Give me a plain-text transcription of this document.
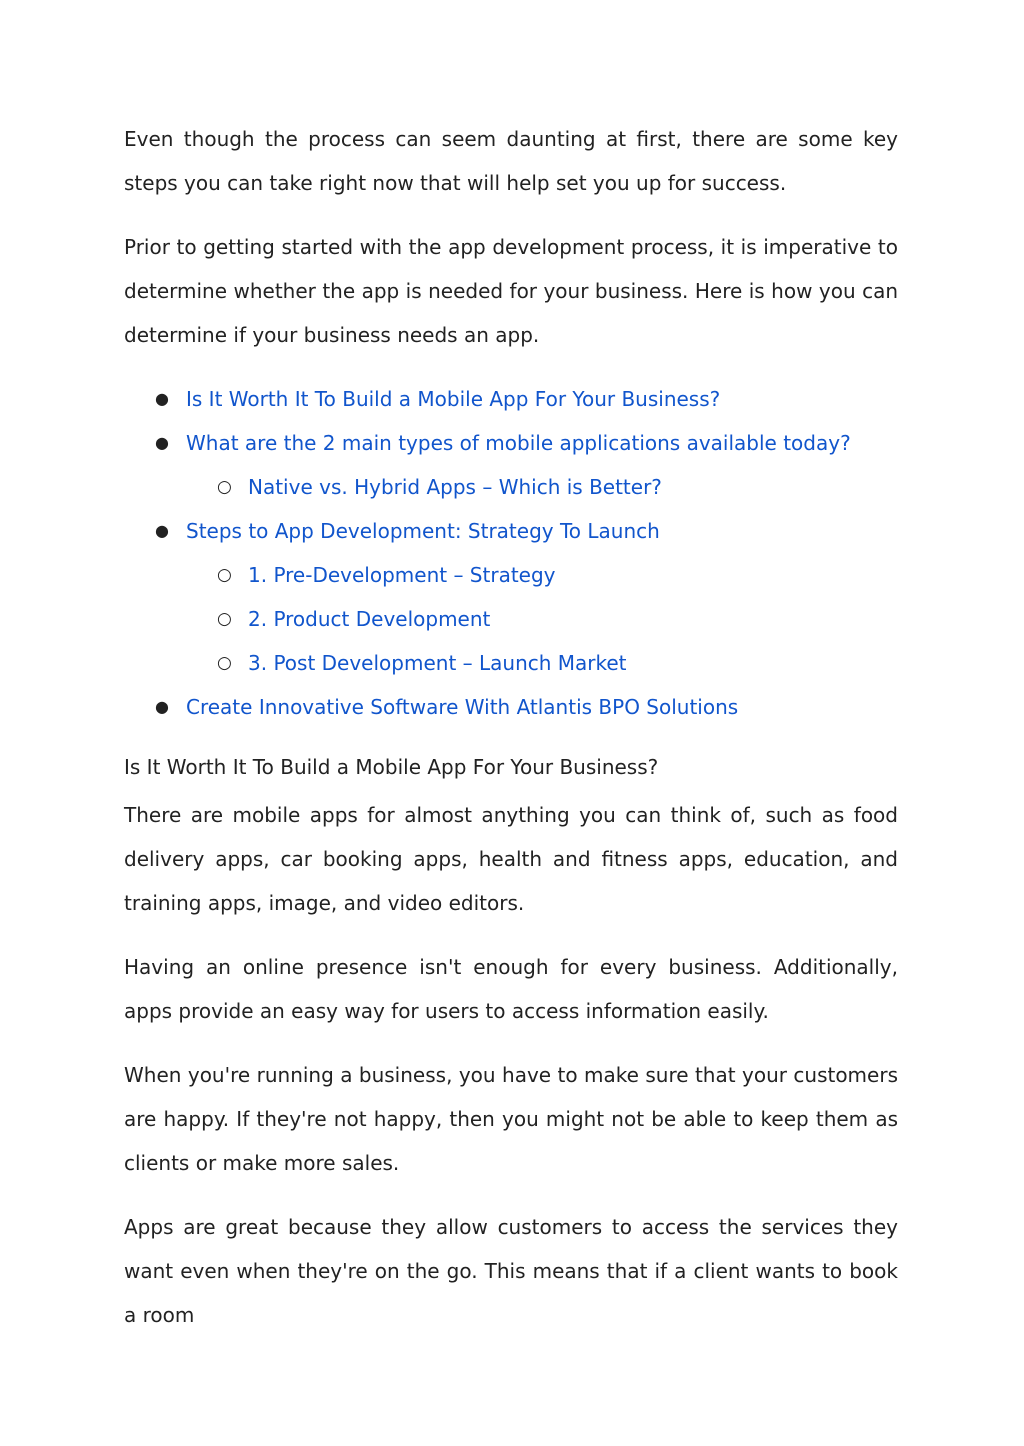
Even though the process can seem daunting at first, there are some key steps you can take right now that will help set you up for success.

Prior to getting started with the app development process, it is imperative to determine whether the app is needed for your business. Here is how you can determine if your business needs an app.

● Is It Worth It To Build a Mobile App For Your Business?
● What are the 2 main types of mobile applications available today?
○ Native vs. Hybrid Apps – Which is Better?
● Steps to App Development: Strategy To Launch
○ 1. Pre-Development – Strategy
○ 2. Product Development
○ 3. Post Development – Launch Market
● Create Innovative Software With Atlantis BPO Solutions
Is It Worth It To Build a Mobile App For Your Business?

There are mobile apps for almost anything you can think of, such as food delivery apps, car booking apps, health and fitness apps, education, and training apps, image, and video editors.

Having an online presence isn't enough for every business. Additionally, apps provide an easy way for users to access information easily.

When you're running a business, you have to make sure that your customers are happy. If they're not happy, then you might not be able to keep them as clients or make more sales.

Apps are great because they allow customers to access the services they want even when they're on the go. This means that if a client wants to book a room
